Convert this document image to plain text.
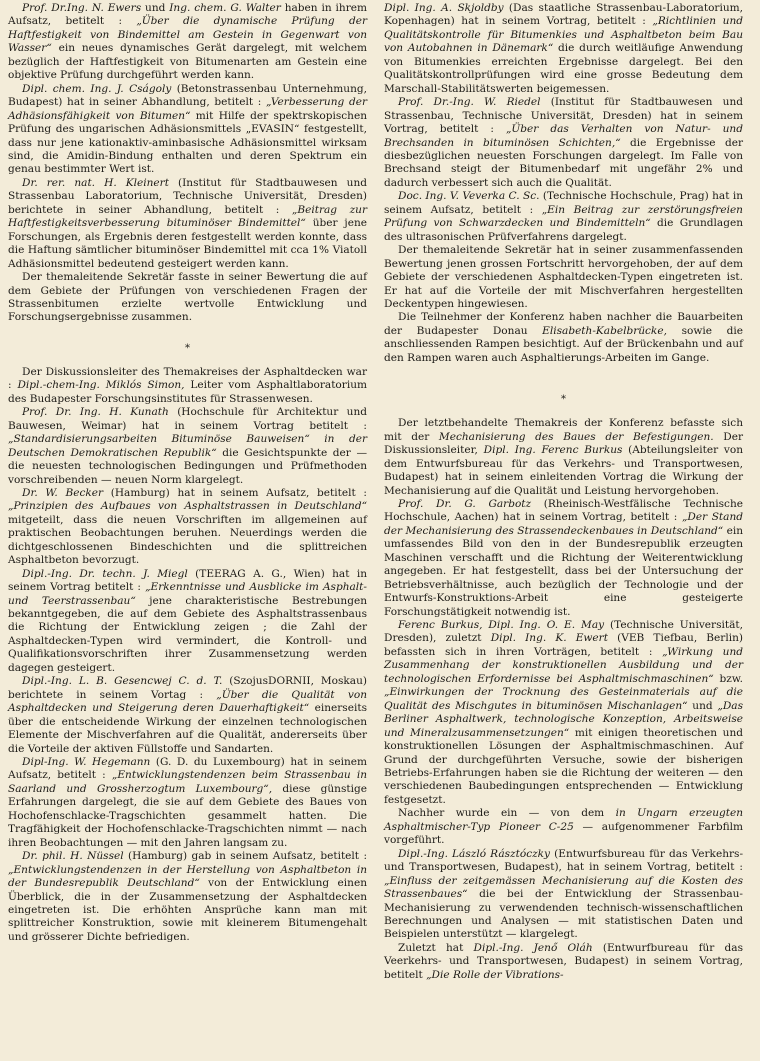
Prof. Dr.Ing. N. Ewers und Ing. chem. G. Walter haben in ihrem Aufsatz, betitelt : „Über die dynamische Prüfung der Haftfestigkeit von Bindemittel am Gestein in Gegenwart von Wasser“ ein neues dynamisches Gerät dargelegt, mit welchem bezüglich der Haftfestigkeit von Bitumenarten am Gestein eine objektive Prüfung durchgeführt werden kann.

Dipl. chem. Ing. J. Cságoly (Betonstrassenbau Unternehmung, Budapest) hat in seiner Abhandlung, betitelt : „Verbesserung der Adhäsionsfähigkeit von Bitumen“ mit Hilfe der spektrskopischen Prüfung des ungarischen Adhäsionsmittels „EVASIN“ festgestellt, dass nur jene kationaktiv-aminbasische Adhäsionsmittel wirksam sind, die Amidin-Bindung enthalten und deren Spektrum ein genau bestimmter Wert ist.

Dr. rer. nat. H. Kleinert (Institut für Stadtbauwesen und Strassenbau Laboratorium, Technische Universität, Dresden) berichtete in seiner Abhandlung, betitelt : „Beitrag zur Haftfestigkeitsverbesserung bituminöser Bindemittel“ über jene Forschungen, als Ergebnis deren festgestellt werden konnte, dass die Haftung sämtlicher bituminöser Bindemittel mit cca 1% Viatoll Adhäsionsmittel bedeutend gesteigert werden kann.

Der themaleitende Sekretär fasste in seiner Bewertung die auf dem Gebiete der Prüfungen von verschiedenen Fragen der Strassenbitumen erzielte wertvolle Entwicklung und Forschungsergebnisse zusammen.

*

Der Diskussionsleiter des Themakreises der Asphaltdecken war : Dipl.-chem-Ing. Miklós Simon, Leiter vom Asphaltlaboratorium des Budapester Forschungsinstitutes für Strassenwesen.

Prof. Dr. Ing. H. Kunath (Hochschule für Architektur und Bauwesen, Weimar) hat in seinem Vortrag betitelt : „Standardisierungsarbeiten Bituminöse Bauweisen“ in der Deutschen Demokratischen Republik“ die Gesichtspunkte der — die neuesten technologischen Bedingungen und Prüfmethoden vorschreibenden — neuen Norm klargelegt.

Dr. W. Becker (Hamburg) hat in seinem Aufsatz, betitelt : „Prinzipien des Aufbaues von Asphaltstrassen in Deutschland“ mitgeteilt, dass die neuen Vorschriften im allgemeinen auf praktischen Beobachtungen beruhen. Neuerdings werden die dichtgeschlossenen Bindeschichten und die splittreichen Asphaltbeton bevorzugt.

Dipl.-Ing. Dr. techn. J. Miegl (TEERAG A. G., Wien) hat in seinem Vortrag betitelt : „Erkenntnisse und Ausblicke im Asphalt- und Teerstrassenbau“ jene charakteristische Bestrebungen bekanntgegeben, die auf dem Gebiete des Asphaltstrassenbaus die Richtung der Entwicklung zeigen ; die Zahl der Asphaltdecken-Typen wird vermindert, die Kontroll- und Qualifikationsvorschriften ihrer Zusammensetzung werden dagegen gesteigert.

Dipl.-Ing. L. B. Gesencwej C. d. T. (SzojusDORNII, Moskau) berichtete in seinem Vortag : „Über die Qualität von Asphaltdecken und Steigerung deren Dauerhaftigkeit“ einerseits über die entscheidende Wirkung der einzelnen technologischen Elemente der Mischverfahren auf die Qualität, andererseits über die Vorteile der aktiven Füllstoffe und Sandarten.

Dipl-Ing. W. Hegemann (G. D. du Luxembourg) hat in seinem Aufsatz, betitelt : „Entwicklungstendenzen beim Strassenbau in Saarland und Grossherzogtum Luxembourg“, diese günstige Erfahrungen dargelegt, die sie auf dem Gebiete des Baues von Hochofenschlacke-Tragschichten gesammelt hatten. Die Tragfähigkeit der Hochofenschlacke-Tragschichten nimmt — nach ihren Beobachtungen — mit den Jahren langsam zu.

Dr. phil. H. Nüssel (Hamburg) gab in seinem Aufsatz, betitelt : „Entwicklungstendenzen in der Herstellung von Asphaltbeton in der Bundesrepublik Deutschland“ von der Entwicklung einen Überblick, die in der Zusammensetzung der Asphaltdecken eingetreten ist. Die erhöhten Ansprüche kann man mit splittreicher Konstruktion, sowie mit kleinerem Bitumengehalt und grösserer Dichte befriedigen.

Dipl. Ing. A. Skjoldby (Das staatliche Strassenbau-Laboratorium, Kopenhagen) hat in seinem Vortrag, betitelt : „Richtlinien und Qualitätskontrolle für Bitumenkies und Asphaltbeton beim Bau von Autobahnen in Dänemark“ die durch weitläufige Anwendung von Bitumenkies erreichten Ergebnisse dargelegt. Bei den Qualitätskontrollprüfungen wird eine grosse Bedeutung dem Marschall-Stabilitätswerten beigemessen.

Prof. Dr.-Ing. W. Riedel (Institut für Stadtbauwesen und Strassenbau, Technische Universität, Dresden) hat in seinem Vortrag, betitelt : „Über das Verhalten von Natur- und Brechsanden in bituminösen Schichten,“ die Ergebnisse der diesbezüglichen neuesten Forschungen dargelegt. Im Falle von Brechsand steigt der Bitumenbedarf mit ungefähr 2% und dadurch verbessert sich auch die Qualität.

Doc. Ing. V. Veverka C. Sc. (Technische Hochschule, Prag) hat in seinem Aufsatz, betitelt : „Ein Beitrag zur zerstörungsfreien Prüfung von Schwarzdecken und Bindemitteln“ die Grundlagen des ultrasonischen Prüfverfahrens dargelegt.

Der themaleitende Sekretär hat in seiner zusammenfassenden Bewertung jenen grossen Fortschritt hervorgehoben, der auf dem Gebiete der verschiedenen Asphaltdecken-Typen eingetreten ist. Er hat auf die Vorteile der mit Mischverfahren hergestellten Deckentypen hingewiesen.

Die Teilnehmer der Konferenz haben nachher die Bauarbeiten der Budapester Donau Elisabeth-Kabelbrücke, sowie die anschliessenden Rampen besichtigt. Auf der Brückenbahn und auf den Rampen waren auch Asphaltierungs-Arbeiten im Gange.

*

Der letztbehandelte Themakreis der Konferenz befasste sich mit der Mechanisierung des Baues der Befestigungen. Der Diskussionsleiter, Dipl. Ing. Ferenc Burkus (Abteilungsleiter von dem Entwurfsbureau für das Verkehrs- und Transportwesen, Budapest) hat in seinem einleitenden Vortrag die Wirkung der Mechanisierung auf die Qualität und Leistung hervorgehoben.

Prof. Dr. G. Garbotz (Rheinisch-Westfälische Technische Hochschule, Aachen) hat in seinem Vortrag, betitelt : „Der Stand der Mechanisierung des Strassendeckenbaues in Deutschland“ ein umfassendes Bild von den in der Bundesrepublik erzeugten Maschinen verschafft und die Richtung der Weiterentwicklung angegeben. Er hat festgestellt, dass bei der Untersuchung der Betriebsverhältnisse, auch bezüglich der Technologie und der Entwurfs-Konstruktions-Arbeit eine gesteigerte Forschungstätigkeit notwendig ist.

Ferenc Burkus, Dipl. Ing. O. E. May (Technische Universität, Dresden), zuletzt Dipl. Ing. K. Ewert (VEB Tiefbau, Berlin) befassten sich in ihren Vorträgen, betitelt : „Wirkung und Zusammenhang der konstruktionellen Ausbildung und der technologischen Erfordernisse bei Asphaltmischmaschinen“ bzw. „Einwirkungen der Trocknung des Gesteinmaterials auf die Qualität des Mischgutes in bituminösen Mischanlagen“ und „Das Berliner Asphaltwerk, technologische Konzeption, Arbeitsweise und Mineralzusammensetzungen“ mit einigen theoretischen und konstruktionellen Lösungen der Asphaltmischmaschinen. Auf Grund der durchgeführten Versuche, sowie der bisherigen Betriebs-Erfahrungen haben sie die Richtung der weiteren — den verschiedenen Baubedingungen entsprechenden — Entwicklung festgesetzt.

Nachher wurde ein — von dem in Ungarn erzeugten Asphaltmischer-Typ Pioneer C-25 — aufgenommener Farbfilm vorgeführt.

Dipl.-Ing. László Rásztóczky (Entwurfsbureau für das Verkehrs- und Transportwesen, Budapest), hat in seinem Vortrag, betitelt : „Einfluss der zeitgemässen Mechanisierung auf die Kosten des Strassenbaues“ die bei der Entwicklung der Strassenbau-Mechanisierung zu verwendenden technisch-wissenschaftlichen Berechnungen und Analysen — mit statistischen Daten und Beispielen unterstützt — klargelegt.

Zuletzt hat Dipl.-Ing. Jenő Oláh (Entwurfbureau für das Veerkehrs- und Transportwesen, Budapest) in seinem Vortrag, betitelt „Die Rolle der Vibrations-
